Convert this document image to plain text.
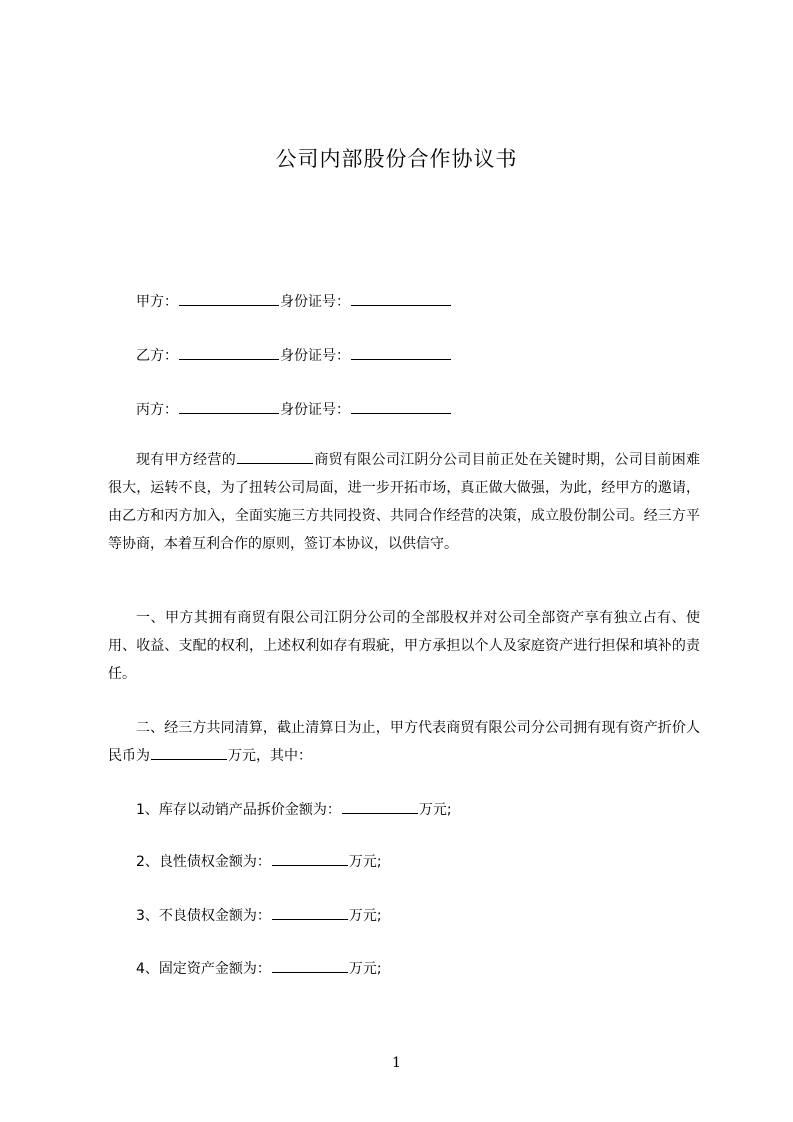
公司内部股份合作协议书
甲方：	身份证号：
乙方：	身份证号：
丙方：	身份证号：
现有甲方经营的	商贸有限公司江阴分公司目前正处在关键时期，公司目前困难很大，运转不良，为了扭转公司局面，进一步开拓市场，真正做大做强，为此，经甲方的邀请，由乙方和丙方加入，全面实施三方共同投资、共同合作经营的决策，成立股份制公司。经三方平等协商，本着互利合作的原则，签订本协议，以供信守。
一、甲方其拥有商贸有限公司江阴分公司的全部股权并对公司全部资产享有独立占有、使用、收益、支配的权利，上述权利如存有瑕疵，甲方承担以个人及家庭资产进行担保和填补的责任。
二、经三方共同清算，截止清算日为止，甲方代表商贸有限公司分公司拥有现有资产折价人民币为	万元，其中：
1、库存以动销产品拆价金额为：	万元;
2、良性债权金额为：	万元;
3、不良债权金额为：	万元;
4、固定资产金额为：	万元;
1
